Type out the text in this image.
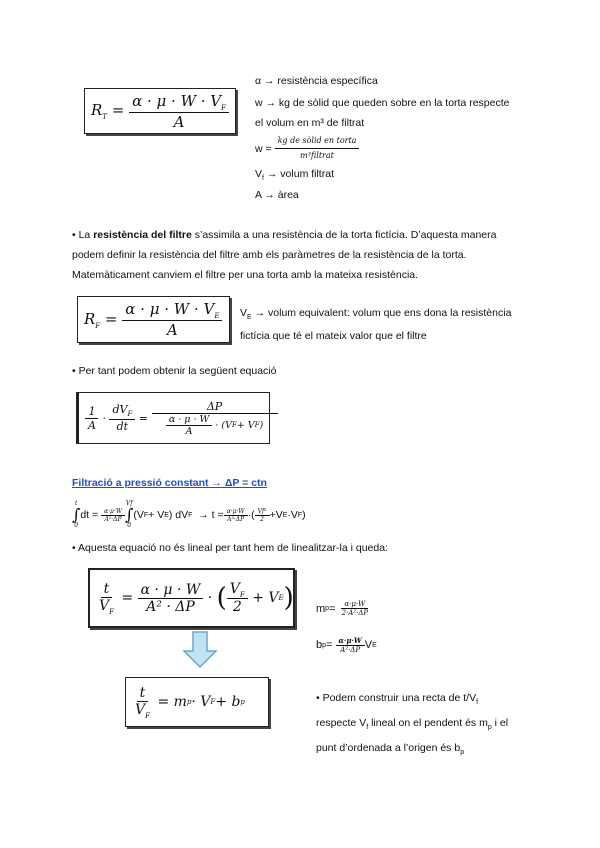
$R_T = \frac{\alpha \cdot \mu \cdot W \cdot V_F}{A}$
α → resistència específica
w → kg de sòlid que queden sobre en la torta respecte
el volum en m³ de filtrat
w =
$\frac{\text{kg de sòlid en torta}}{\text{m³filtrat}}$
$V_f$ → volum filtrat
A → àrea
• La resistència del filtre s’assimila a una resistència de la torta fictícia. D’aquesta manera
podem definir la resistència del filtre amb els paràmetres de la resistència de la torta.
Matemàticament canviem el filtre per una torta amb la mateixa resistència.
$R_F = \frac{\alpha \cdot \mu \cdot W \cdot V_E}{A} V_E$ → volum equivalent: volum que ens dona la resistència
fictícia que té el mateix valor que el filtre
• Per tant podem obtenir la següent equació
$\frac{1}{A} \cdot \frac{dV_F}{dt} = \Delta P$
$\frac{\alpha \cdot \mu \cdot W}{A}$
· (V F + V F )
Filtració a pressió constant → ΔP = ctn
t
∫
0
dt =
$\frac{\alpha\cdot\mu\cdot W}{\text{A²·ΔP}}$
Vf
∫
0
(V F + V E ) dV F
→ $t = \frac{\alpha\cdot\mu\cdot W}{\text{A²·ΔP}}$ ·( $\frac{\text{Vf²}}{2} +V$ E ·V F )
• Aquesta equació no és lineal per tant hem de linealitzar-la i queda:
$\frac{t}{V_F} = \frac{\alpha \cdot \mu \cdot W}{\text{A² · ΔP}}$ · ( $\frac{V_F}{2}$
+ V E ) m p =
$\frac{\alpha\cdot\mu\cdot W}{\text{2·A²·ΔP}}$
b p =
$\frac{\alpha\cdot\mu\cdot W}{\text{A²·ΔP}}$ V E
$\frac{t}{V_F}$
= m p · V F + b p	• Podem construir una recta de $t/V_f$
respecte $V_f$ lineal on el pendent és $m_p$ i el
punt d’ordenada a l’origen és $b_p$
